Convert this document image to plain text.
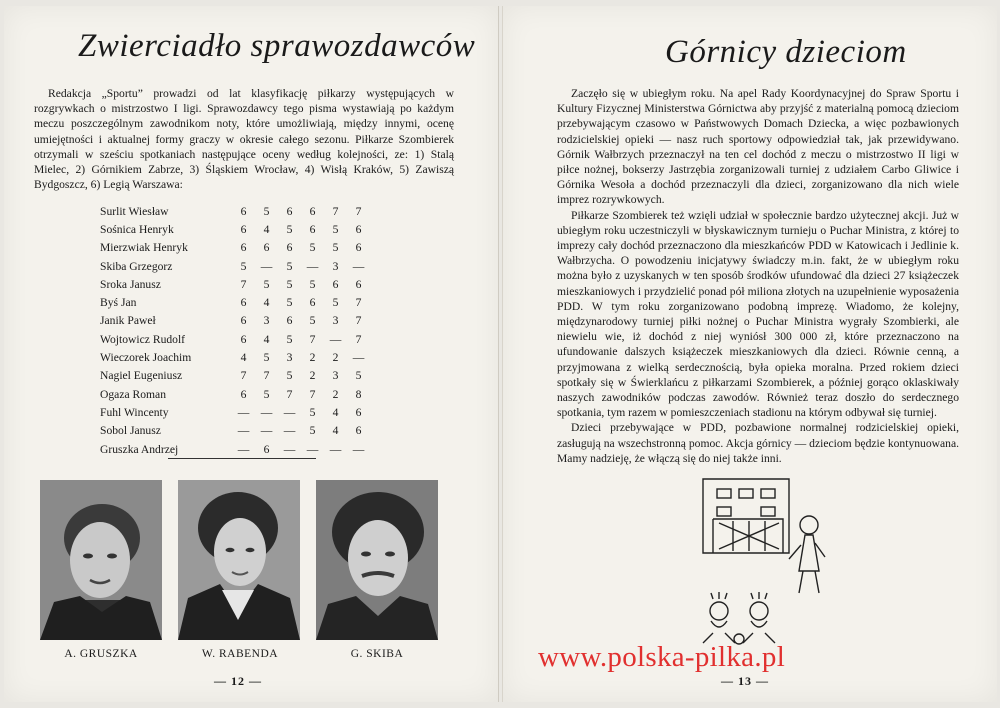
Zwierciadło sprawozdawców
Redakcja „Sportu” prowadzi od lat klasyfikację piłkarzy występujących w rozgrywkach o mistrzostwo I ligi. Sprawozdawcy tego pisma wystawiają po każdym meczu poszczególnym zawodnikom noty, które umożliwiają, między innymi, ocenę umiejętności i aktualnej formy graczy w okresie całego sezonu. Piłkarze Szombierek otrzymali w sześciu spotkaniach następujące oceny według kolejności, ze: 1) Stalą Mielec, 2) Górnikiem Zabrze, 3) Śląskiem Wrocław, 4) Wisłą Kraków, 5) Zawiszą Bydgoszcz, 6) Legią Warszawa:
Surlit Wiesław	6	5	6	6	7	7
Sośnica Henryk	6	4	5	6	5	6
Mierzwiak Henryk	6	6	6	5	5	6
Skiba Grzegorz	5	—	5	—	3	—
Sroka Janusz	7	5	5	5	6	6
Byś Jan	6	4	5	6	5	7
Janik Paweł	6	3	6	5	3	7
Wojtowicz Rudolf	6	4	5	7	—	7
Wieczorek Joachim	4	5	3	2	2	—
Nagiel Eugeniusz	7	7	5	2	3	5
Ogaza Roman	6	5	7	7	2	8
Fuhl Wincenty	—	—	—	5	4	6
Sobol Janusz	—	—	—	5	4	6
Gruszka Andrzej	—	6	—	—	—	—
A. GRUSZKA	W. RABENDA	G. SKIBA
— 12 —
Górnicy dzieciom

Zaczęło się w ubiegłym roku. Na apel Rady Koordynacyjnej do Spraw Sportu i Kultury Fizycznej Ministerstwa Górnictwa aby przyjść z materialną pomocą dzieciom przebywającym czasowo w Państwowych Domach Dziecka, a więc pozbawionych rodzicielskiej opieki — nasz ruch sportowy odpowiedział tak, jak przewidywano. Górnik Wałbrzych przeznaczył na ten cel dochód z meczu o mistrzostwo II ligi w piłce nożnej, bokserzy Jastrzębia zorganizowali turniej z udziałem Carbo Gliwice i Górnika Wesoła a dochód przeznaczyli dla dzieci, zorganizowano dla nich wiele imprez rozrywkowych.

Piłkarze Szombierek też wzięli udział w społecznie bardzo użytecznej akcji. Już w ubiegłym roku uczestniczyli w błyskawicznym turnieju o Puchar Ministra, z której to imprezy cały dochód przeznaczono dla mieszkańców PDD w Katowicach i Jedlinie k. Wałbrzycha. O powodzeniu inicjatywy świadczy m.in. fakt, że w ubiegłym roku można było z uzyskanych w ten sposób środków ufundować dla dzieci 27 książeczek mieszkaniowych i przydzielić ponad pół miliona złotych na uzupełnienie wyposażenia PDD. W tym roku zorganizowano podobną imprezę. Wiadomo, że kolejny, międzynarodowy turniej piłki nożnej o Puchar Ministra wygrały Szombierki, ale niewielu wie, iż dochód z niej wyniósł 300 000 zł, które przeznaczono na ufundowanie dalszych książeczek mieszkaniowych dla dzieci. Równie cenną, a przyjmowana z wielką serdecznością, była opieka moralna. Przed rokiem dzieci spotkały się w Świerklańcu z piłkarzami Szombierek, a później gorąco oklaskiwały naszych zawodników podczas zawodów. Również teraz doszło do serdecznego spotkania, tym razem w pomieszczeniach stadionu na którym odbywał się turniej.

Dzieci przebywające w PDD, pozbawione normalnej rodzicielskiej opieki, zasługują na wszechstronną pomoc. Akcja górnicy — dzieciom będzie kontynuowana. Mamy nadzieję, że włączą się do niej także inni.

— 13 —
www.polska-pilka.pl
